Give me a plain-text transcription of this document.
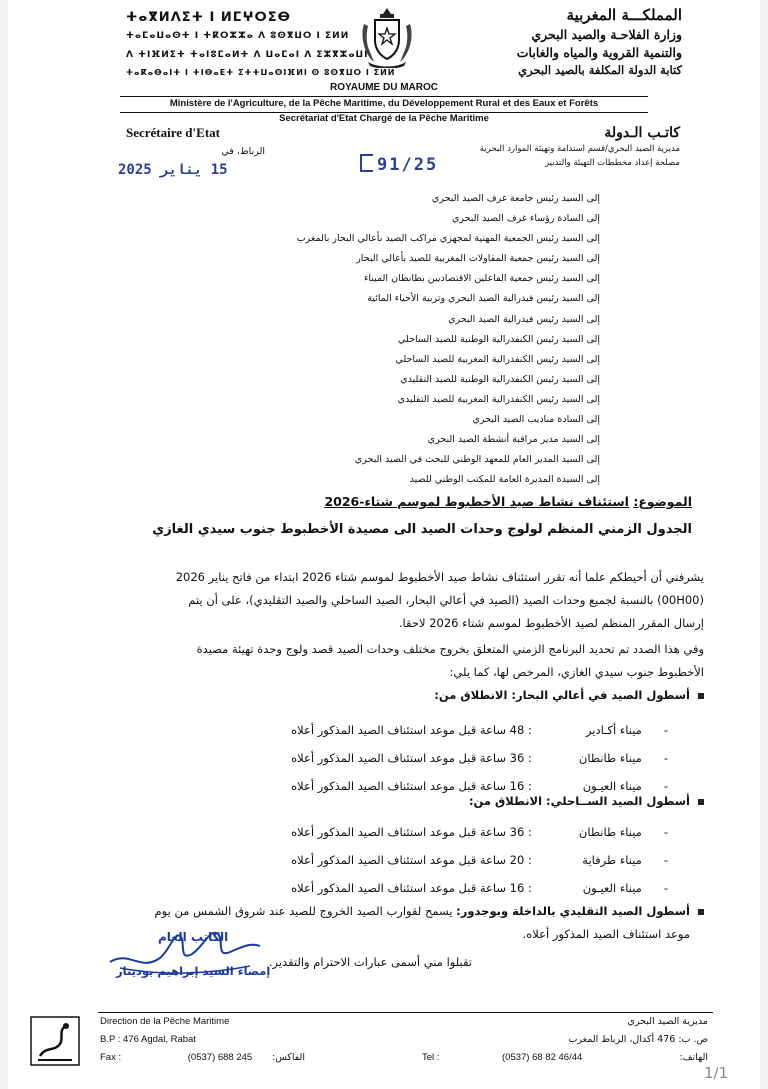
ⵜⴰⴳⵍⴷⵉⵜ ⵏ ⵍⵎⵖⵔⵉⴱ
ⵜⴰⵎⴰⵡⴰⵙⵜ ⵏ ⵜⴽⵔⵣⵣⴰ ⴷ ⵓⵙⴳⵡⵔ ⵏ ⵉⵍⵍ
ⴷ ⵜⵏⴼⵍⵉⵜ ⵜⴰⵏⵓⵎⴰⵍⵜ ⴷ ⵡⴰⵎⴰⵏ ⴷ ⵉⵣⴳⵣⴰⵡⵏ
ⵜⴰⴽⴰⴱⴰⵏⵜ ⵏ ⵜⵏⴱⴰⴹⵜ ⵉⵜⵜⵡⴰⵙⵏⴼⵍⵏ ⵙ ⵓⵙⴳⵡⵔ ⵏ ⵉⵍⵍ
المملكـــة المغربية
وزارة الفلاحـة والصيد البحري
والتنمية القروية والمياه والغابات
كتابة الدولة المكلفة بالصيد البحري
ROYAUME DU MAROC
Ministère de l'Agriculture, de la Pêche Maritime, du Développement Rural et des Eaux et Forêts
Secrétariat d'Etat Chargé de la Pêche Maritime
Secrétaire d'Etat	كاتـب الـدولة
مديرية الصيد البحري/قسم استدامة وتهيئة الموارد البحرية
مصلحة إعداد مخططات التهيئة والتدبير
الرباط، في
15 يناير 2025	91/25
إلى السيد رئيس جامعة غرف الصيد البحري
إلى السادة رؤساء غرف الصيد البحري
إلى السيد رئيس الجمعية المهنية لمجهزي مراكب الصيد بأعالي البحار بالمغرب
إلى السيد رئيس جمعية المقاولات المغربية للصيد بأعالي البحار
إلى السيد رئيس جمعية الفاعلين الاقتصاديين بطانطان الميناء
إلى السيد رئيس فيدرالية الصيد البحري وتربية الأحياء المائية
إلى السيد رئيس فيدرالية الصيد البحري
إلى السيد رئيس الكنفدرالية الوطنية للصيد الساحلي
إلى السيد رئيس الكنفدرالية المغربية للصيد الساحلي
إلى السيد رئيس الكنفدرالية الوطنية للصيد التقليدي
إلى السيد رئيس الكنفدرالية المغربية للصيد التقليدي
إلى السادة مناديب الصيد البحري
إلى السيد مدير مراقبة أنشطة الصيد البحري
إلى السيد المدير العام للمعهد الوطني للبحث في الصيد البحري
إلى السيدة المديرة العامة للمكتب الوطني للصيد
الموضوع: استئناف نشاط صيد الأخطبوط لموسم شتاء-2026
الجدول الزمني المنظم لولوج وحدات الصيد الى مصيدة الأخطبوط جنوب سيدي الغازي
يشرفني أن أحيطكم علما أنه تقرر استئناف نشاط صيد الأخطبوط لموسم شتاء 2026 ابتداء من فاتح يناير 2026
(00H00) بالنسبة لجميع وحدات الصيد (الصيد في أعالي البحار، الصيد الساحلي والصيد التقليدي)، على أن يتم
إرسال المقرر المنظم لصيد الأخطبوط لموسم شتاء 2026 لاحقا.
وفي هذا الصدد تم تحديد البرنامج الزمني المتعلق بخروج مختلف وحدات الصيد قصد ولوج وحدة تهيئة مصيدة
الأخطبوط جنوب سيدي الغازي، المرخص لها، كما يلي:
أسطول الصيد في أعالي البحار: الانطلاق من:
-ميناء أكـادير: 48 ساعة قبل موعد استئناف الصيد المذكور أعلاه
-ميناء طانطان: 36 ساعة قبل موعد استئناف الصيد المذكور أعلاه
-ميناء العيـون: 16 ساعة قبل موعد استئناف الصيد المذكور أعلاه
أسطول الصيد الســاحلي: الانطلاق من:
-ميناء طانطان: 36 ساعة قبل موعد استئناف الصيد المذكور أعلاه
-ميناء طرفاية: 20 ساعة قبل موعد استئناف الصيد المذكور أعلاه
-ميناء العيـون: 16 ساعة قبل موعد استئناف الصيد المذكور أعلاه
أسطول الصيد التقليدي بالداخلة وبوجدور: يسمح لقوارب الصيد الخروج للصيد عند شروق الشمس من يوم
موعد استئناف الصيد المذكور أعلاه.
تقبلوا مني أسمى عبارات الاحترام والتقدير.
الكاتب العام
إمضاء السيد إبراهيم بودينار
Direction de la Pêche Maritime
B.P : 476 Agdal, Rabat
Fax :	(0537) 688 245 الفاكس:	Tel :	(0537) 68 82 46/44	الهاتف:
مديرية الصيد البحري
ص. ب: 476 أكدال، الرباط المغرب
1/1
